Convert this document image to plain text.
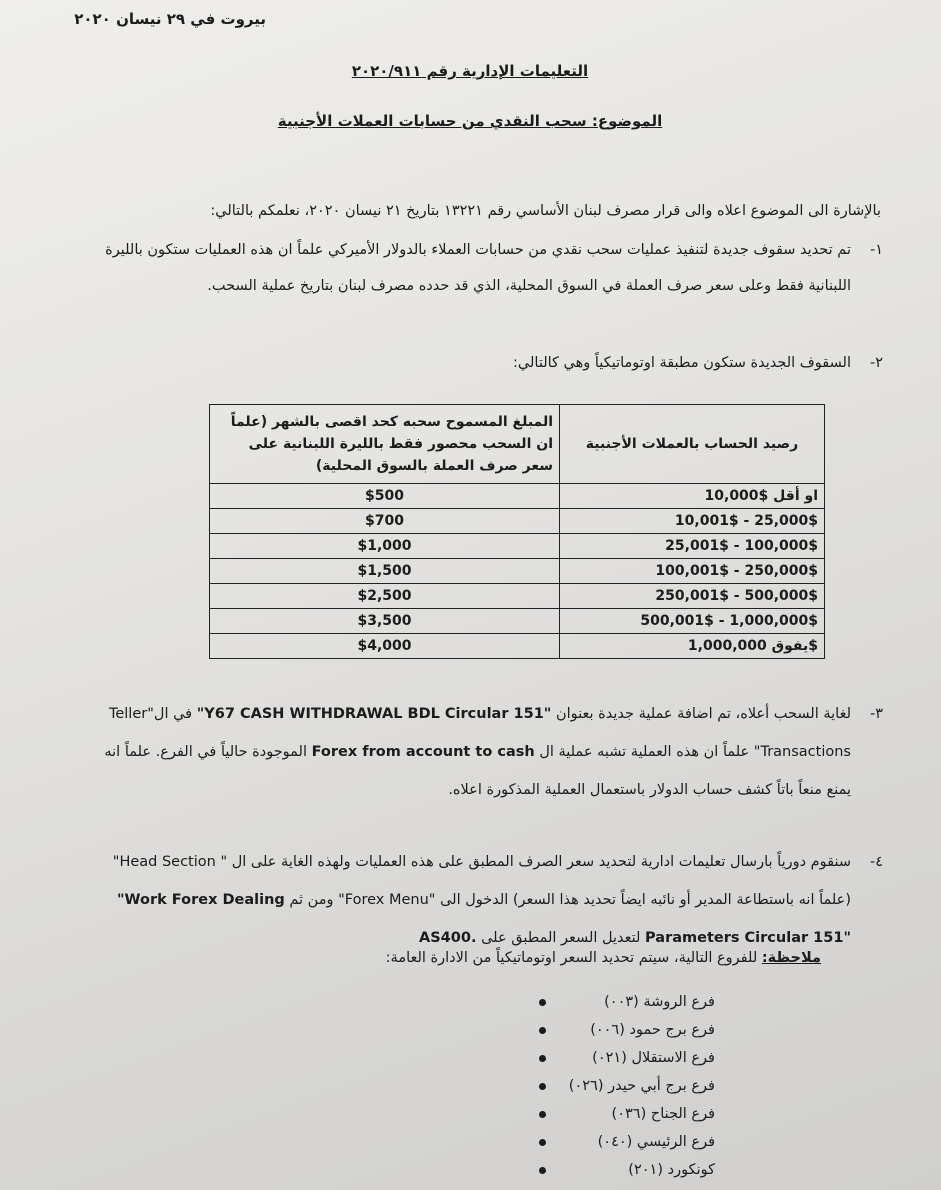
بيروت في ٢٩ نيسان ٢٠٢٠
التعليمات الإدارية رقم ٢٠٢٠/٩١١
الموضوع: سحب النقدي من حسابات العملات الأجنبية
بالإشارة الى الموضوع اعلاه والى قرار مصرف لبنان الأساسي رقم ١٣٢٢١ بتاريخ ٢١ نيسان ٢٠٢٠، نعلمكم بالتالي:
١-
تم تحديد سقوف جديدة لتنفيذ عمليات سحب نقدي من حسابات العملاء بالدولار الأميركي علماً ان هذه العمليات ستكون بالليرة اللبنانية فقط وعلى سعر صرف العملة في السوق المحلية، الذي قد حدده مصرف لبنان بتاريخ عملية السحب.
٢-
السقوف الجديدة ستكون مطبقة اوتوماتيكياً وهي كالتالي:
رصيد الحساب بالعملات الأجنبية	المبلغ المسموح سحبه كحد اقصى بالشهر (علماً ان السحب محصور فقط بالليرة اللبنانية على سعر صرف العملة بالسوق المحلية)
10,000$ او أقل	$500
10,001$ - 25,000$	$700
25,001$ - 100,000$	$1,000
100,001$ - 250,000$	$1,500
250,001$ - 500,000$	$2,500
500,001$ - 1,000,000$	$3,500
يفوق 1,000,000$	$4,000
٣-
لغاية السحب أعلاه، تم اضافة عملية جديدة بعنوان "Y67 CASH WITHDRAWAL BDL Circular 151" في ال"Teller Transactions" علماً ان هذه العملية تشبه عملية ال Forex from account to cash الموجودة حالياً في الفرع. علماً انه يمنع منعاً باتاً كشف حساب الدولار باستعمال العملية المذكورة اعلاه.
٤-
سنقوم دورياً بارسال تعليمات ادارية لتحديد سعر الصرف المطبق على هذه العمليات ولهذه الغاية على ال " Head Section" (علماً انه باستطاعة المدير أو نائبه ايضاً تحديد هذا السعر) الدخول الى "Forex Menu" ومن ثم "Work Forex Dealing Parameters Circular 151" لتعديل السعر المطبق على AS400.
ملاحظة: للفروع التالية، سيتم تحديد السعر اوتوماتيكياً من الادارة العامة:
فرع الروشة (٠٠٣)
فرع برج حمود (٠٠٦)
فرع الاستقلال (٠٢١)
فرع برج أبي حيدر (٠٢٦)
فرع الجناح (٠٣٦)
فرع الرئيسي (٠٤٠)
كونكورد (٢٠١)
